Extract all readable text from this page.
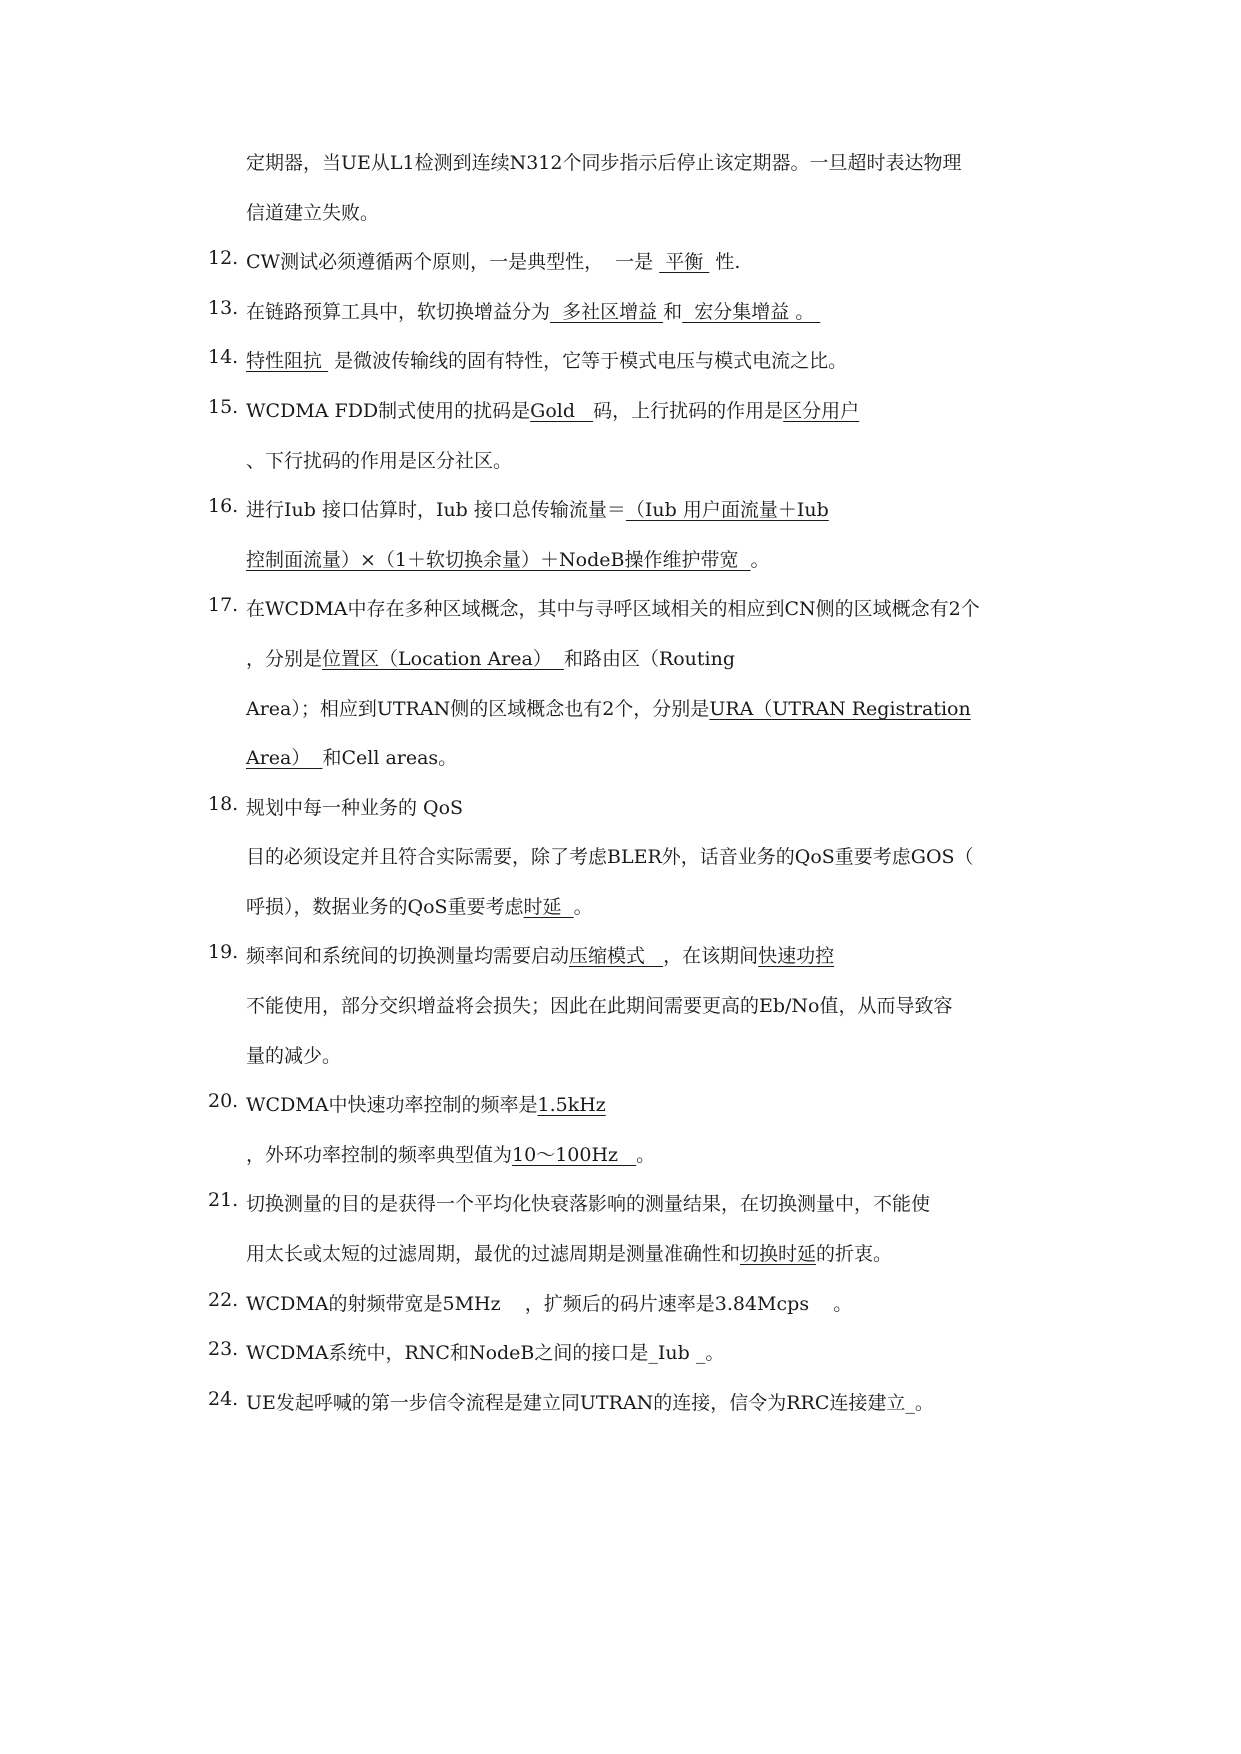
定期器，当UE从L1检测到连续N312个同步指示后停止该定期器。一旦超时表达物理
信道建立失败。
12. CW测试必须遵循两个原则，一是典型性，  一是  平衡  性.
13. 在链路预算工具中，软切换增益分为  多社区增益 和  宏分集增益 。
14. 特性阻抗  是微波传输线的固有特性，它等于模式电压与模式电流之比。
15. WCDMA FDD制式使用的扰码是Gold   码，上行扰码的作用是区分用户
、下行扰码的作用是区分社区。
16. 进行Iub 接口估算时，Iub 接口总传输流量＝（Iub 用户面流量＋Iub
控制面流量）×（1＋软切换余量）＋NodeB操作维护带宽  。
17. 在WCDMA中存在多种区域概念，其中与寻呼区域相关的相应到CN侧的区域概念有2个
，分别是位置区（Location Area）  和路由区（Routing
Area）；相应到UTRAN侧的区域概念也有2个，分别是URA（UTRAN Registration
Area）  和Cell areas。
18. 规划中每一种业务的 QoS
目的必须设定并且符合实际需要，除了考虑BLER外，话音业务的QoS重要考虑GOS（
呼损），数据业务的QoS重要考虑时延  。
19. 频率间和系统间的切换测量均需要启动压缩模式   ，在该期间快速功控
不能使用，部分交织增益将会损失；因此在此期间需要更高的Eb/No值，从而导致容
量的减少。
20. WCDMA中快速功率控制的频率是1.5kHz
，外环功率控制的频率典型值为10～100Hz   。
21. 切换测量的目的是获得一个平均化快衰落影响的测量结果，在切换测量中，不能使
用太长或太短的过滤周期，最优的过滤周期是测量准确性和切换时延的折衷。
22. WCDMA的射频带宽是5MHz    ，扩频后的码片速率是3.84Mcps    。
23. WCDMA系统中，RNC和NodeB之间的接口是_Iub _。
24. UE发起呼喊的第一步信令流程是建立同UTRAN的连接，信令为RRC连接建立_。
